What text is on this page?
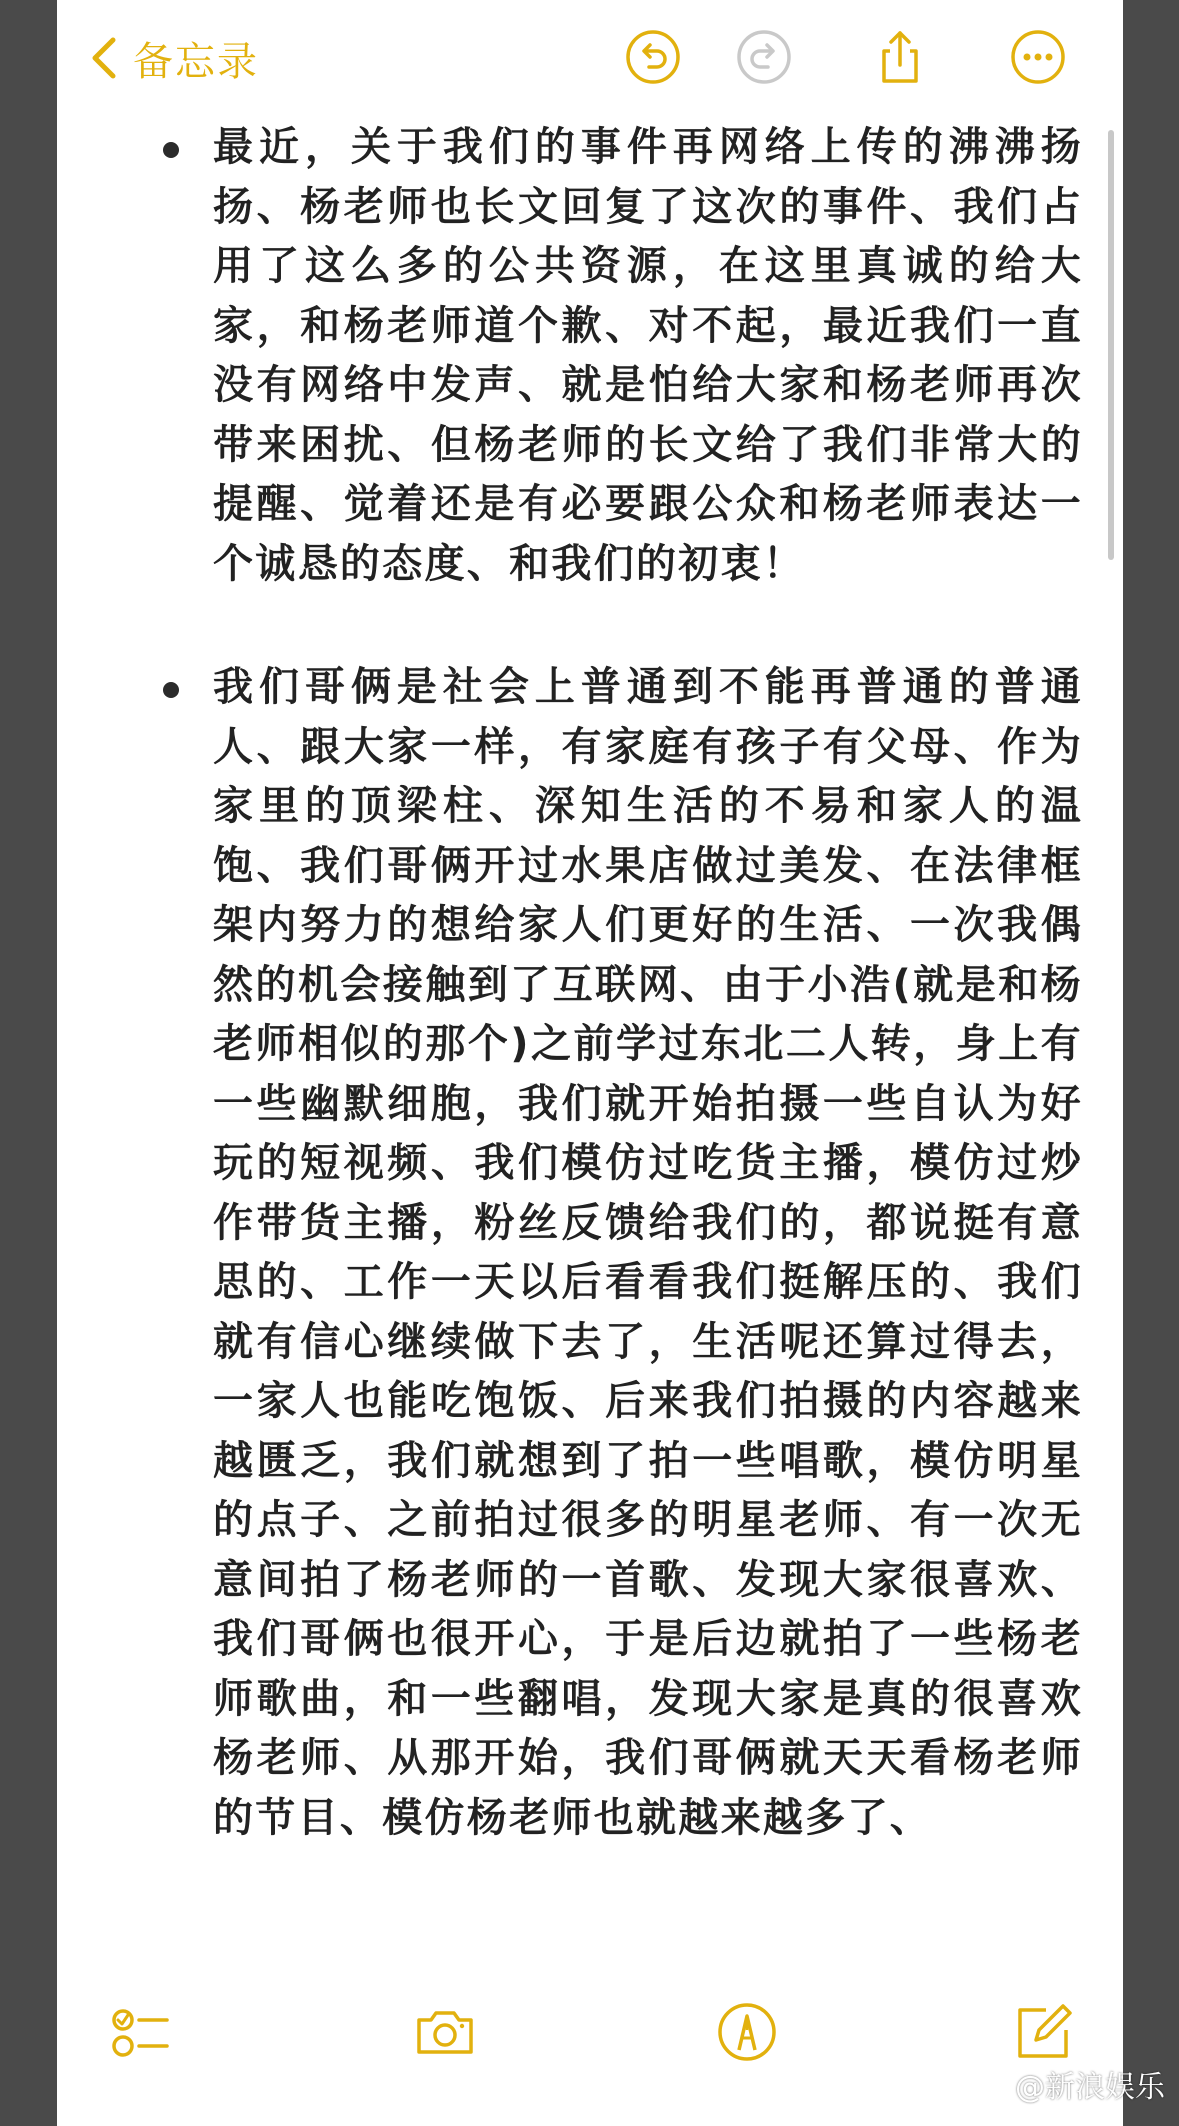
备忘录
最近，关于我们的事件再网络上传的沸沸扬扬、杨老师也长文回复了这次的事件、我们占用了这么多的公共资源，在这里真诚的给大家，和杨老师道个歉、对不起，最近我们一直没有网络中发声、就是怕给大家和杨老师再次带来困扰、但杨老师的长文给了我们非常大的提醒、觉着还是有必要跟公众和杨老师表达一个诚恳的态度、和我们的初衷！
我们哥俩是社会上普通到不能再普通的普通人、跟大家一样，有家庭有孩子有父母、作为家里的顶梁柱、深知生活的不易和家人的温饱、我们哥俩开过水果店做过美发、在法律框架内努力的想给家人们更好的生活、一次我偶然的机会接触到了互联网、由于小浩(就是和杨老师相似的那个)之前学过东北二人转，身上有一些幽默细胞，我们就开始拍摄一些自认为好玩的短视频、我们模仿过吃货主播，模仿过炒作带货主播，粉丝反馈给我们的，都说挺有意思的、工作一天以后看看我们挺解压的、我们就有信心继续做下去了，生活呢还算过得去，一家人也能吃饱饭、后来我们拍摄的内容越来越匮乏，我们就想到了拍一些唱歌，模仿明星的点子、之前拍过很多的明星老师、有一次无意间拍了杨老师的一首歌、发现大家很喜欢、我们哥俩也很开心，于是后边就拍了一些杨老师歌曲，和一些翻唱，发现大家是真的很喜欢杨老师、从那开始，我们哥俩就天天看杨老师的节目、模仿杨老师也就越来越多了、
@新浪娱乐
